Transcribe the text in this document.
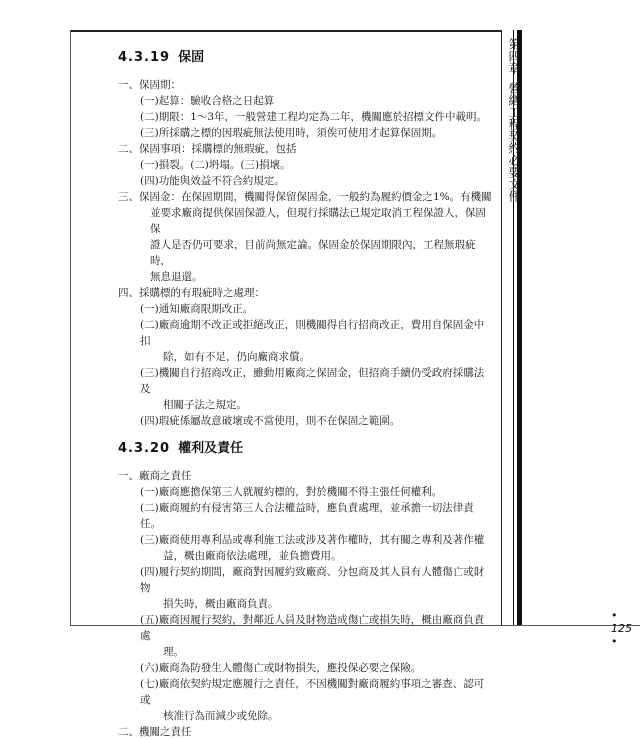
第四章營繕工程契約必要文件
• 125 •
4.3.19 保固
一、保固期：
(一)起算：驗收合格之日起算
(二)期限：1～3年，一般營建工程均定為二年，機關應於招標文件中載明。
(三)所採購之標的因瑕疵無法使用時，須俟可使用才起算保固期。
二、保固事項：採購標的無瑕疵，包括
(一)損裂。(二)坍塌。(三)損壞。
(四)功能與效益不符合約規定。
三、保固金：在保固期間，機關得保留保固金，一般約為履約價金之1%。有機關
並要求廠商提供保固保證人，但現行採購法已規定取消工程保證人，保固保
證人是否仍可要求，目前尚無定論。保固金於保固期限內，工程無瑕疵時，
無息退還。
四、採購標的有瑕疵時之處理：
(一)通知廠商限期改正。
(二)廠商逾期不改正或拒絕改正，則機關得自行招商改正，費用自保固金中扣
除，如有不足，仍向廠商求償。
(三)機關自行招商改正，雖動用廠商之保固金，但招商手續仍受政府採購法及
相關子法之規定。
(四)瑕疵係屬故意破壞或不當使用，則不在保固之範圍。
4.3.20 權利及責任
一、廠商之責任
(一)廠商應擔保第三人就履約標的，對於機關不得主張任何權利。
(二)廠商履約有侵害第三人合法權益時，應負責處理，並承擔一切法律責任。
(三)廠商使用專利品或專利施工法或涉及著作權時，其有關之專利及著作權
益，概由廠商依法處理，並負擔費用。
(四)履行契約期間，廠商對因履約致廠商、分包商及其人員有人體傷亡或財物
損失時，概由廠商負責。
(五)廠商因履行契約，對鄰近人員及財物造成傷亡或損失時，概由廠商負責處
理。
(六)廠商為防發生人體傷亡或財物損失，應投保必要之保險。
(七)廠商依契約規定應履行之責任，不因機關對廠商履約事項之審查、認可或
核准行為而減少或免除。
二、機關之責任
